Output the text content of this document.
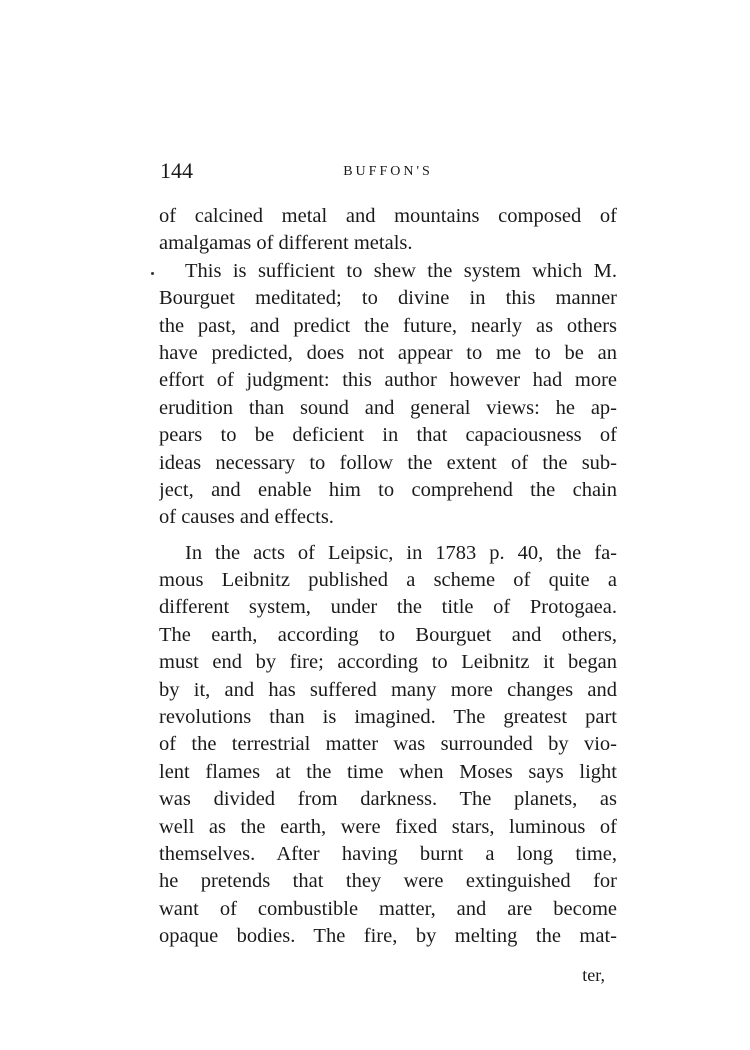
144	BUFFON'S
of calcined metal and mountains composed of
amalgamas of different metals.
This is sufficient to shew the system which M.
Bourguet meditated; to divine in this manner
the past, and predict the future, nearly as others
have predicted, does not appear to me to be an
effort of judgment: this author however had more
erudition than sound and general views: he ap-
pears to be deficient in that capaciousness of
ideas necessary to follow the extent of the sub-
ject, and enable him to comprehend the chain
of causes and effects.
In the acts of Leipsic, in 1783 p. 40, the fa-
mous Leibnitz published a scheme of quite a
different system, under the title of Protogaea.
The earth, according to Bourguet and others,
must end by fire; according to Leibnitz it began
by it, and has suffered many more changes and
revolutions than is imagined. The greatest part
of the terrestrial matter was surrounded by vio-
lent flames at the time when Moses says light
was divided from darkness. The planets, as
well as the earth, were fixed stars, luminous of
themselves. After having burnt a long time,
he pretends that they were extinguished for
want of combustible matter, and are become
opaque bodies. The fire, by melting the mat-
ter,
